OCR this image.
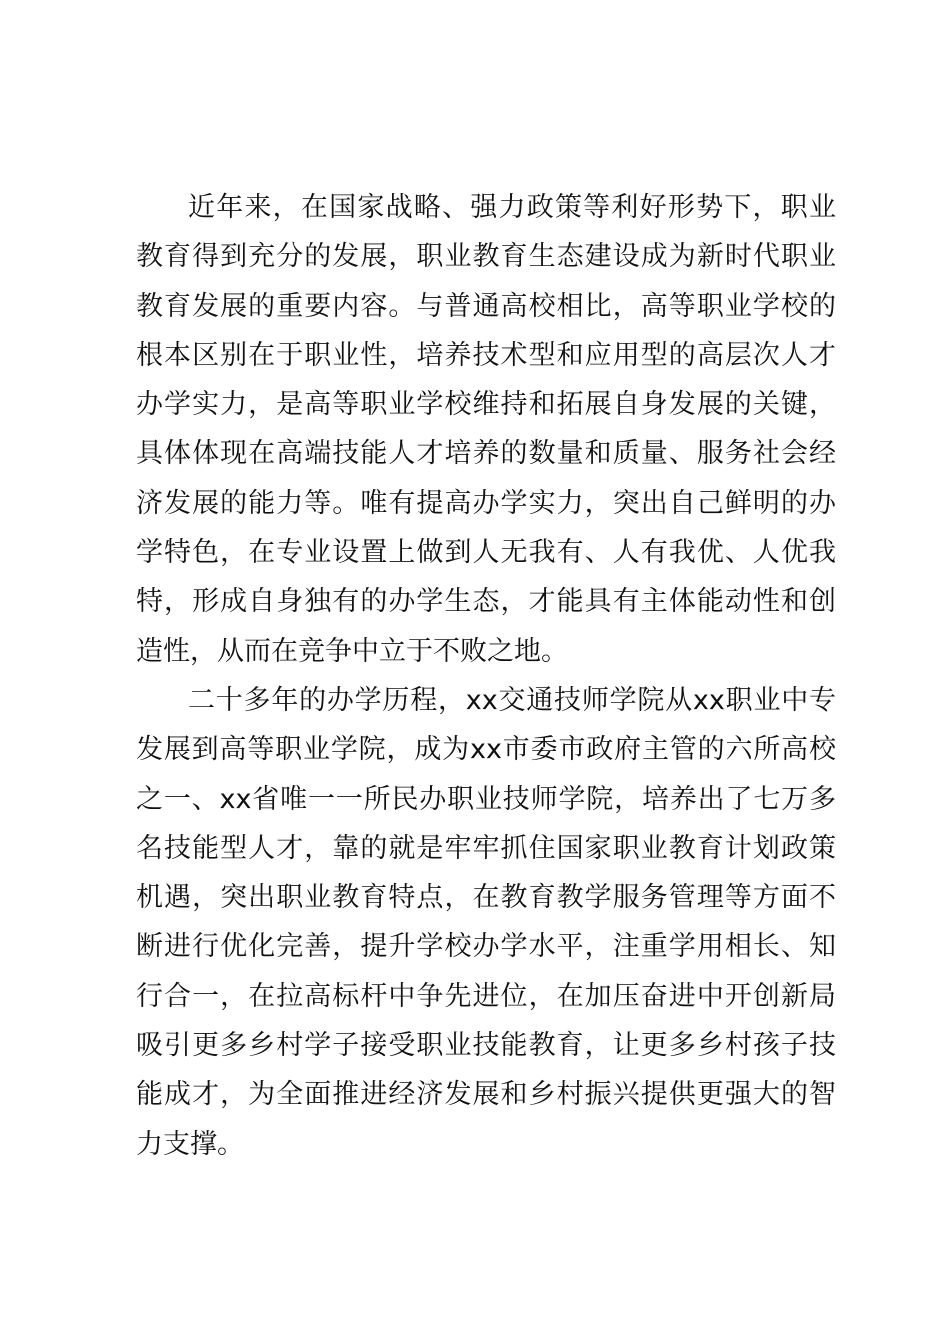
近年来，在国家战略、强力政策等利好形势下，职业
教育得到充分的发展，职业教育生态建设成为新时代职业
教育发展的重要内容。与普通高校相比，高等职业学校的
根本区别在于职业性，培养技术型和应用型的高层次人才
办学实力，是高等职业学校维持和拓展自身发展的关键，
具体体现在高端技能人才培养的数量和质量、服务社会经
济发展的能力等。唯有提高办学实力，突出自己鲜明的办
学特色，在专业设置上做到人无我有、人有我优、人优我
特，形成自身独有的办学生态，才能具有主体能动性和创
造性，从而在竞争中立于不败之地。
二十多年的办学历程，xx交通技师学院从xx职业中专
发展到高等职业学院，成为xx市委市政府主管的六所高校
之一、xx省唯一一所民办职业技师学院，培养出了七万多
名技能型人才，靠的就是牢牢抓住国家职业教育计划政策
机遇，突出职业教育特点，在教育教学服务管理等方面不
断进行优化完善，提升学校办学水平，注重学用相长、知
行合一，在拉高标杆中争先进位，在加压奋进中开创新局
吸引更多乡村学子接受职业技能教育，让更多乡村孩子技
能成才，为全面推进经济发展和乡村振兴提供更强大的智
力支撑。
